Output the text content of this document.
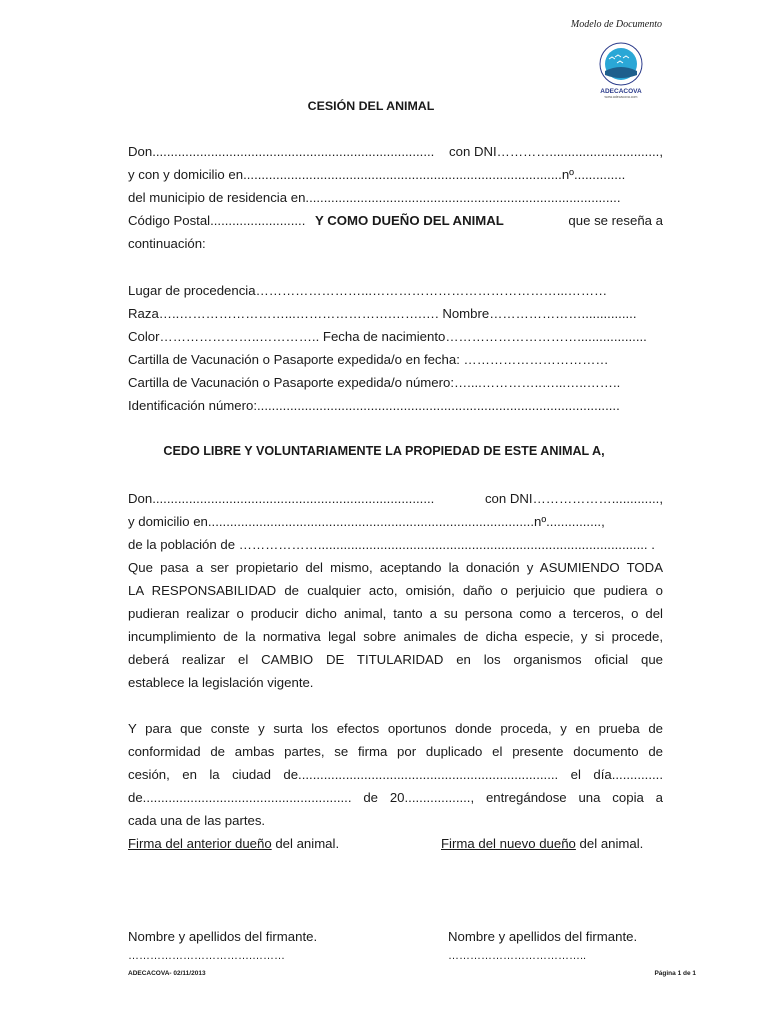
Modelo de Documento
ADECACOVA
www.adecacova.com
CESIÓN DEL ANIMAL
Don............................................................................. con DNI…………..............................,
y con y domicilio en.......................................................................................nº..............
del municipio de residencia en......................................................................................
Código Postal.......................... Y COMO DUEÑO DEL ANIMAL	que se reseña a
continuación:
Lugar de procedencia……………………...……………………………………...………
Raza…..……………………...………………….…….…. Nombre…………………...............
Color…………………..………….. Fecha de nacimiento…………………………...................
Cartilla de Vacunación o Pasaporte expedida/o en fecha: ……………………………
Cartilla de Vacunación o Pasaporte expedida/o número:…....…………..…...…..……..
Identificación número:...................................................................................................
CEDO LIBRE Y VOLUNTARIAMENTE LA PROPIEDAD DE ESTE ANIMAL A,
Don.............................................................................	con DNI……………….............,
y domicilio en.........................................................................................nº...............,
de la población de ……………….......................................................................................... .
Que pasa a ser propietario del mismo, aceptando la donación y ASUMIENDO TODA
LA RESPONSABILIDAD de cualquier acto, omisión, daño o perjuicio que pudiera o
pudieran realizar o producir dicho animal, tanto a su persona como a terceros, o del
incumplimiento de la normativa legal sobre animales de dicha especie, y si procede,
deberá realizar el CAMBIO DE TITULARIDAD en los organismos oficial que
establece la legislación vigente.
Y para que conste y surta los efectos oportunos donde proceda, y en prueba de
conformidad de ambas partes, se firma por duplicado el presente documento de
cesión, en la ciudad de....................................................................... el día..............
de......................................................... de 20.................., entregándose una copia a
cada una de las partes.
Firma del anterior dueño del animal.	Firma del nuevo dueño del animal.
Nombre y apellidos del firmante.	Nombre y apellidos del firmante.
…………………………….………	………………………………..
ADECACOVA- 02/11/2013	Página 1 de 1
